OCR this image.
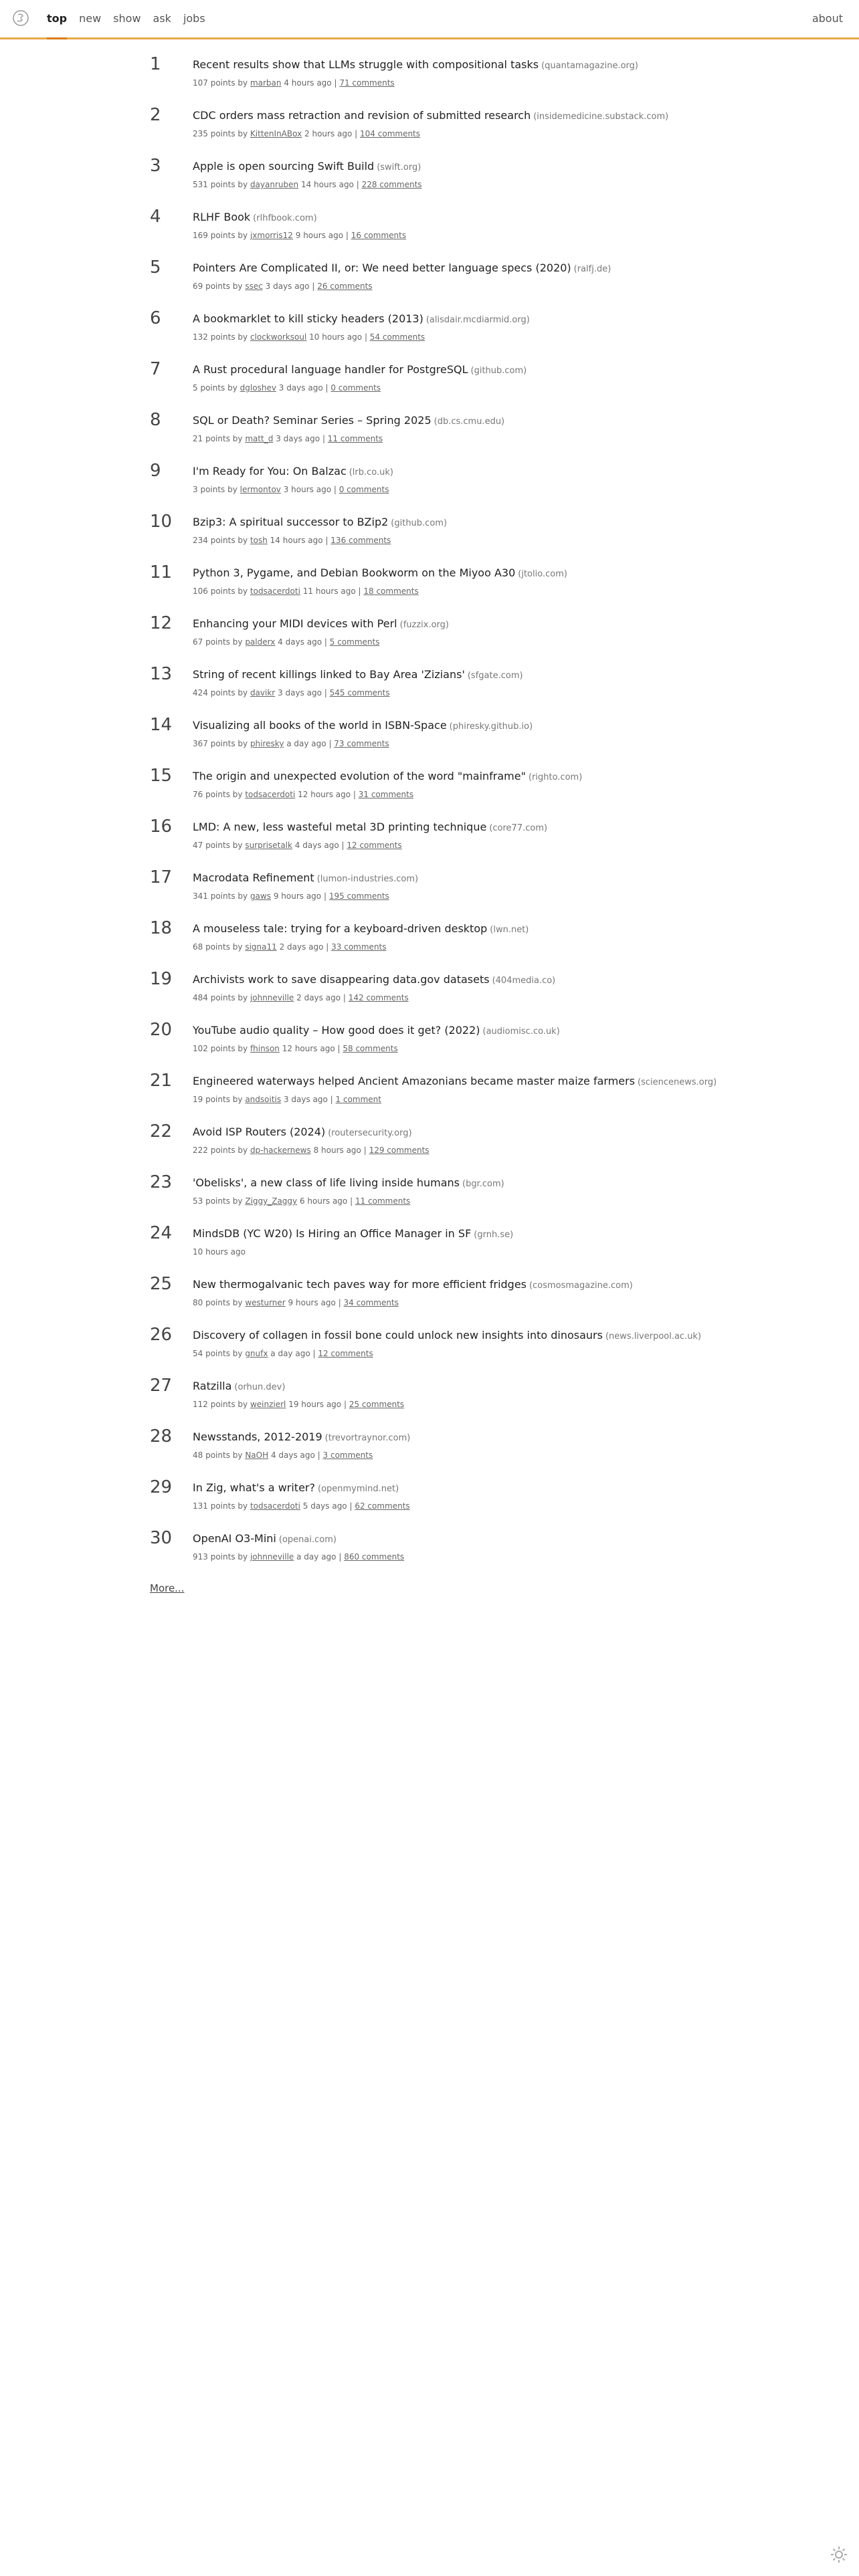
top new show ask jobs	about
1	Recent results show that LLMs struggle with compositional tasks (quantamagazine.org)
107 points by marban 4 hours ago | 71 comments
2	CDC orders mass retraction and revision of submitted research (insidemedicine.substack.com)
235 points by KittenInABox 2 hours ago | 104 comments
3	Apple is open sourcing Swift Build (swift.org)
531 points by dayanruben 14 hours ago | 228 comments
4	RLHF Book (rlhfbook.com)
169 points by jxmorris12 9 hours ago | 16 comments
5	Pointers Are Complicated II, or: We need better language specs (2020) (ralfj.de)
69 points by ssec 3 days ago | 26 comments
6	A bookmarklet to kill sticky headers (2013) (alisdair.mcdiarmid.org)
132 points by clockworksoul 10 hours ago | 54 comments
7	A Rust procedural language handler for PostgreSQL (github.com)
5 points by dgloshev 3 days ago | 0 comments
8	SQL or Death? Seminar Series – Spring 2025 (db.cs.cmu.edu)
21 points by matt_d 3 days ago | 11 comments
9	I'm Ready for You: On Balzac (lrb.co.uk)
3 points by lermontov 3 hours ago | 0 comments
10	Bzip3: A spiritual successor to BZip2 (github.com)
234 points by tosh 14 hours ago | 136 comments
11	Python 3, Pygame, and Debian Bookworm on the Miyoo A30 (jtolio.com)
106 points by todsacerdoti 11 hours ago | 18 comments
12	Enhancing your MIDI devices with Perl (fuzzix.org)
67 points by palderx 4 days ago | 5 comments
13	String of recent killings linked to Bay Area 'Zizians' (sfgate.com)
424 points by davikr 3 days ago | 545 comments
14	Visualizing all books of the world in ISBN-Space (phiresky.github.io)
367 points by phiresky a day ago | 73 comments
15	The origin and unexpected evolution of the word "mainframe" (righto.com)
76 points by todsacerdoti 12 hours ago | 31 comments
16	LMD: A new, less wasteful metal 3D printing technique (core77.com)
47 points by surprisetalk 4 days ago | 12 comments
17	Macrodata Refinement (lumon-industries.com)
341 points by gaws 9 hours ago | 195 comments
18	A mouseless tale: trying for a keyboard-driven desktop (lwn.net)
68 points by signa11 2 days ago | 33 comments
19	Archivists work to save disappearing data.gov datasets (404media.co)
484 points by johnneville 2 days ago | 142 comments
20	YouTube audio quality – How good does it get? (2022) (audiomisc.co.uk)
102 points by fhinson 12 hours ago | 58 comments
21	Engineered waterways helped Ancient Amazonians became master maize farmers (sciencenews.org)
19 points by andsoitis 3 days ago | 1 comment
22	Avoid ISP Routers (2024) (routersecurity.org)
222 points by dp-hackernews 8 hours ago | 129 comments
23	'Obelisks', a new class of life living inside humans (bgr.com)
53 points by Ziggy_Zaggy 6 hours ago | 11 comments
24	MindsDB (YC W20) Is Hiring an Office Manager in SF (grnh.se)
10 hours ago
25	New thermogalvanic tech paves way for more efficient fridges (cosmosmagazine.com)
80 points by westurner 9 hours ago | 34 comments
26	Discovery of collagen in fossil bone could unlock new insights into dinosaurs (news.liverpool.ac.uk)
54 points by gnufx a day ago | 12 comments
27	Ratzilla (orhun.dev)
112 points by weinzierl 19 hours ago | 25 comments
28	Newsstands, 2012-2019 (trevortraynor.com)
48 points by NaOH 4 days ago | 3 comments
29	In Zig, what's a writer? (openmymind.net)
131 points by todsacerdoti 5 days ago | 62 comments
30	OpenAI O3-Mini (openai.com)
913 points by johnneville a day ago | 860 comments
More...
